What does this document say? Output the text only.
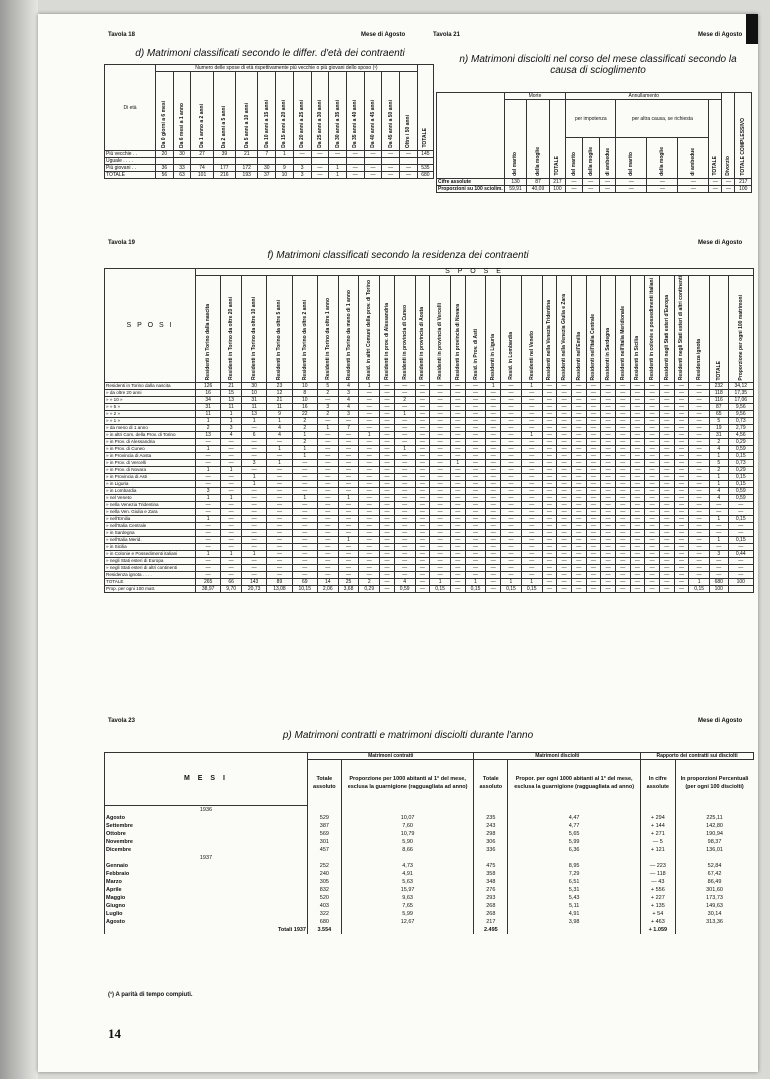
Tavola 18	Mese di Agosto	Tavola 21	Mese di Agosto
d) Matrimoni classificati secondo le differ. d'età dei contraenti
Di età	Numero delle spose di età rispettivamente più vecchie o più giovani dello sposo (¹)														TOTALE
	Da 0 giorni a 6 mesi	Da 6 mesi a 1 anno	Da 1 anno a 2 anni	Da 2 anni a 5 anni	Da 5 anni a 10 anni	Da 10 anni a 15 anni	Da 15 anni a 20 anni	Da 20 anni a 25 anni	Da 25 anni a 30 anni	Da 30 anni a 35 anni	Da 35 anni a 40 anni	Da 40 anni a 45 anni	Da 45 anni a 50 anni	Oltre i 50 anni	
Più vecchie . .	20	30	27	39	21	7	1	—	—	—	—	—	—	—	145
Uguale . . . .															
Più giovani . .	36	33	74	177	172	30	9	3	—	1	—	—	—	—	535
TOTALE	56	63	101	216	193	37	10	3	—	1	—	—	—	—	680
n) Matrimoni disciolti nel corso del mese classificati secondo la causa di scioglimento
	Morte			Annullamento							Divorzio	TOTALE COMPLESSIVO
	del marito	della moglie	TOTALE	per impotenza			per altra causa, se richiesta			TOTALE		
				del marito	della moglie	di ambedue	del marito	della moglie	di ambedue			
Cifre assolute	130	87	217	—	—	—	—	—	—	—	—	217
Proporzioni su 100 sciolim.	59,91	40,09	100	—	—	—	—	—	—	—	—	100
Tavola 19	Mese di Agosto
f) Matrimoni classificati secondo la residenza dei contraenti
S P O S I	S P O S E																													
	Residenti in Torino dalla nascita	Residenti in Torino da oltre 20 anni	Residenti in Torino da oltre 10 anni	Residenti in Torino da oltre 5 anni	Residenti in Torino da oltre 2 anni	Residenti in Torino da oltre 1 anno	Residenti in Torino da meno di 1 anno	Resid. in altri Comuni della prov. di Torino	Residenti in prov. di Alessandria	Residenti in provincia di Cuneo	Residenti in provincia di Aosta	Residenti in provincia di Vercelli	Residenti in provincia di Novara	Resid. in Prov. di Asti	Residenti in Liguria	Resid. in Lombardia	Residenti nel Veneto	Residenti nella Venezia Tridentina	Residenti nella Venezia Giulia e Zara	Residenti nell'Emilia	Residenti nell'Italia Centrale	Residenti in Sardegna	Residenti nell'Italia Meridionale	Residenti in Sicilia	Residenti in colonie e possedimenti italiani	Residenti negli Stati esteri d'Europa	Residenti negli Stati esteri di altri continenti	Residenza ignota	TOTALE	Proporzione per ogni 100 matrimoni
Residenti in Torino dalla nascita	126	21	30	23	10	5	4	1	—	—	—	—	—	—	1	—	1	—	—	—	—	—	—	—	—	—	—	—	232	34,12
» da oltre 20 anni	16	15	10	12	8	2	3	—	—	—	—	—	—	—	—	—	—	—	—	—	—	—	—	—	—	—	—	—	118	17,35
» » 10 »	34	13	31	21	10	—	4	—	—	2	—	—	—	—	—	—	—	—	—	—	—	—	—	—	—	—	—	—	116	17,06
» » 5 »	31	11	11	11	16	3	4	—	—	—	—	—	—	—	—	—	—	—	—	—	—	—	—	—	—	—	—	—	87	9,56
» » 2 »	11	1	13	9	22	2	3	—	—	1	—	—	—	—	—	—	—	—	—	—	—	—	—	—	—	—	—	—	65	9,56
» » 1 »	1	1	1	1	2	—	—	—	—	—	—	—	—	—	—	—	—	—	—	—	—	—	—	—	—	—	—	—	5	0,73
» da meno di 1 anno	2	3	—	4	2	1	7	—	—	—	—	—	—	—	—	—	—	—	—	—	—	—	—	—	—	—	—	—	19	2,79
» in altri Com. della Prov. di Torino	13	4	6	4	1	—	—	1	—	—	—	—	—	—	—	—	1	—	—	—	—	—	—	—	—	—	—	—	31	4,56
» in Prov. di Alessandria	—	—	—	—	2	—	—	—	—	—	—	—	—	—	—	—	—	—	—	—	—	—	—	—	—	—	—	—	2	0,29
» in Prov. di Cuneo	1	—	—	1	1	—	—	—	—	1	—	—	—	—	—	—	—	—	—	—	—	—	—	—	—	—	—	—	4	0,59
» in Provincia di Aosta	—	—	—	—	1	—	—	—	—	—	—	—	—	—	—	—	—	—	—	—	—	—	—	—	—	—	—	—	1	0,15
» in Prov. di Vercelli	—	—	3	1	—	—	—	—	—	—	—	—	1	—	—	—	—	—	—	—	—	—	—	—	—	—	—	—	5	0,73
» in Prov. di Novara	1	1	—	—	—	—	—	—	—	—	—	—	—	—	—	—	—	—	—	—	—	—	—	—	—	—	—	—	2	0,29
» in Provincia di Asti	—	—	1	—	—	—	—	—	—	—	—	—	—	—	—	—	—	—	—	—	—	—	—	—	—	—	—	—	1	0,15
» in Liguria	—	—	1	—	—	—	—	—	—	—	—	—	—	—	—	—	—	—	—	—	—	—	—	—	—	—	—	—	1	0,15
» in Lombardia	3	—	—	—	—	—	—	—	—	—	—	—	—	—	—	—	—	—	—	—	—	—	—	—	—	—	—	—	4	0,59
» nel Veneto	1	1	—	—	1	—	1	—	—	—	—	—	—	—	—	—	—	—	—	—	—	—	—	—	—	—	—	—	4	0,59
» nella Venezia Tridentina	—	—	—	—	—	—	—	—	—	—	—	—	—	—	—	—	—	—	—	—	—	—	—	—	—	—	—	—	—	—
» nella Ven. Giulia e Zara	—	—	—	—	—	—	—	—	—	—	—	—	—	—	—	—	—	—	—	—	—	—	—	—	—	—	—	—	—	—
» nell'Emilia	1	—	—	—	—	—	—	—	—	—	—	—	—	—	—	—	—	—	—	—	—	—	—	—	—	—	—	—	1	0,15
» nell'Italia Centrale	—	—	—	—	—	—	—	—	—	—	—	—	—	—	—	—	—	—	—	—	—	—	—	—	—	—	—	—	—	—
» in Sardegna	—	—	—	—	—	—	—	—	—	—	—	—	—	—	—	—	—	—	—	—	—	—	—	—	—	—	—	—	—	—
» nell'Italia Merid.	—	—	—	—	—	—	1	—	—	—	—	—	—	—	—	—	—	—	—	—	—	—	—	—	—	—	—	—	1	0,15
» in Sicilia	—	—	—	—	—	—	—	—	—	—	—	—	—	—	—	—	—	—	—	—	—	—	—	—	—	—	—	—	—	—
» in Colonie e Possedimenti italiani	1	1	1	—	—	—	—	—	—	—	—	—	—	—	—	—	—	—	—	—	—	—	—	—	—	—	—	—	3	0,44
» negli Stati esteri di Europa	—	—	—	—	—	—	—	—	—	—	—	—	—	—	—	—	—	—	—	—	—	—	—	—	—	—	—	—	—	—
» negli Stati esteri di altri continenti	—	—	—	—	—	—	—	—	—	—	—	—	—	—	—	—	—	—	—	—	—	—	—	—	—	—	—	—	—	—
Residenza ignota . . . .	—	—	—	—	—	—	—	—	—	—	—	—	—	—	—	—	—	—	—	—	—	—	—	—	—	—	—	—	—	—
TOTALE	265	66	143	89	69	14	25	2	—	4	—	1	—	1	—	1	1	—	—	—	—	—	—	—	—	—	—	1	680	100
Prop. per ogni 100 matr.	38,97	9,70	20,73	13,08	10,15	2,06	3,68	0,29	—	0,59	—	0,15	—	0,15	—	0,15	0,15	—	—	—	—	—	—	—	—	—	—	0,15	100	
Tavola 23	Mese di Agosto
p) Matrimoni contratti e matrimoni disciolti durante l'anno
M E S I	Matrimoni contratti		Matrimoni disciolti		Rapporto dei contratti sui disciolti	
	Totale assoluto	Proporzione per 1000 abitanti al 1° del mese, esclusa la guarnigione (ragguagliata ad anno)	Totale assoluto	Propor. per ogni 1000 abitanti al 1° del mese, esclusa la guarnigione (ragguagliata ad anno)	In cifre assolute	In proporzioni Percentuali (per ogni 100 disciolti)
1936						
Agosto	529	10,07	235	4,47	+ 294	225,11
Settembre	387	7,60	243	4,77	+ 144	142,80
Ottobre	569	10,79	298	5,65	+ 271	190,94
Novembre	301	5,90	306	5,99	— 5	98,37
Dicembre	457	8,66	336	6,36	+ 121	136,01
1937						
Gennaio	252	4,73	475	8,95	— 223	52,84
Febbraio	240	4,91	358	7,29	— 118	67,42
Marzo	305	5,63	348	6,51	— 43	86,49
Aprile	832	15,97	276	5,31	+ 556	301,60
Maggio	520	9,63	293	5,43	+ 227	173,73
Giugno	403	7,65	268	5,11	+ 135	149,63
Luglio	322	5,99	268	4,91	+ 54	30,14
Agosto	680	12,67	217	3,98	+ 463	313,36
Totali 1937	3.554		2.495		+ 1.059	
(¹) A parità di tempo compiuti.
14
